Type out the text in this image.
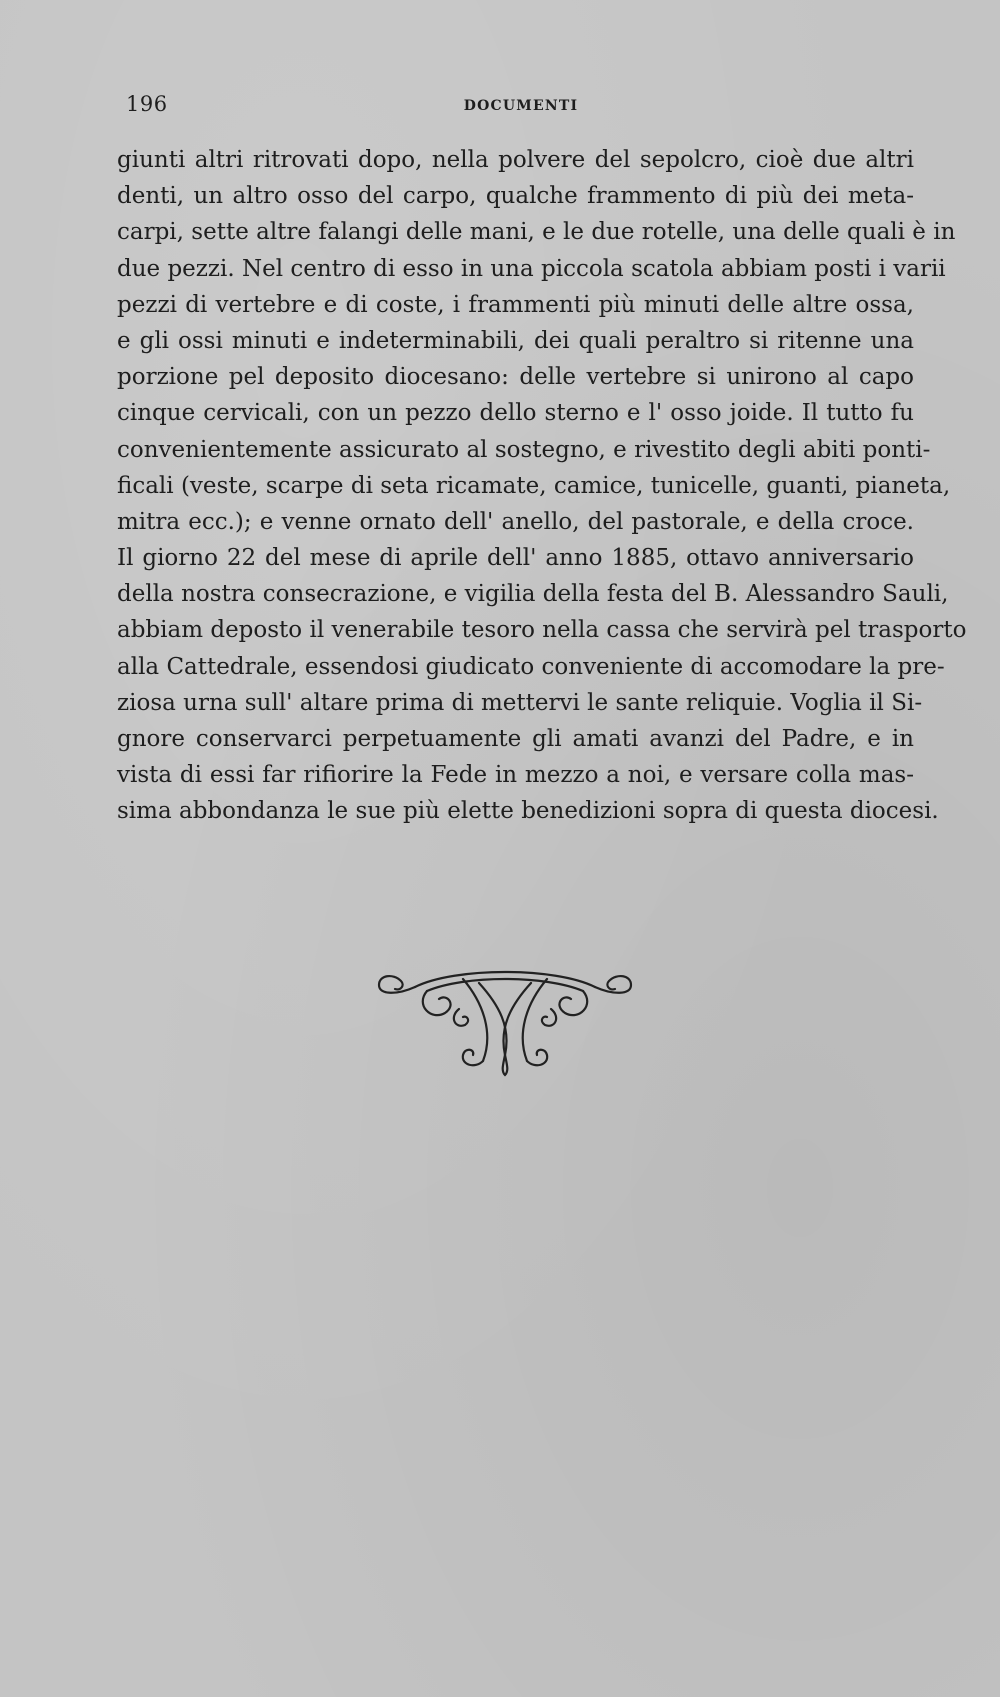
196	DOCUMENTI
giunti altri ritrovati dopo, nella polvere del sepolcro, cioè due altri
denti, un altro osso del carpo, qualche frammento di più dei meta-
carpi, sette altre falangi delle mani, e le due rotelle, una delle quali è in
due pezzi. Nel centro di esso in una piccola scatola abbiam posti i varii
pezzi di vertebre e di coste, i frammenti più minuti delle altre ossa,
e gli ossi minuti e indeterminabili, dei quali peraltro si ritenne una
porzione pel deposito diocesano: delle vertebre si unirono al capo
cinque cervicali, con un pezzo dello sterno e l' osso joide. Il tutto fu
convenientemente assicurato al sostegno, e rivestito degli abiti ponti-
ficali (veste, scarpe di seta ricamate, camice, tunicelle, guanti, pianeta,
mitra ecc.); e venne ornato dell' anello, del pastorale, e della croce.
Il giorno 22 del mese di aprile dell' anno 1885, ottavo anniversario
della nostra consecrazione, e vigilia della festa del B. Alessandro Sauli,
abbiam deposto il venerabile tesoro nella cassa che servirà pel trasporto
alla Cattedrale, essendosi giudicato conveniente di accomodare la pre-
ziosa urna sull' altare prima di mettervi le sante reliquie. Voglia il Si-
gnore conservarci perpetuamente gli amati avanzi del Padre, e in
vista di essi far rifiorire la Fede in mezzo a noi, e versare colla mas-
sima abbondanza le sue più elette benedizioni sopra di questa diocesi.
